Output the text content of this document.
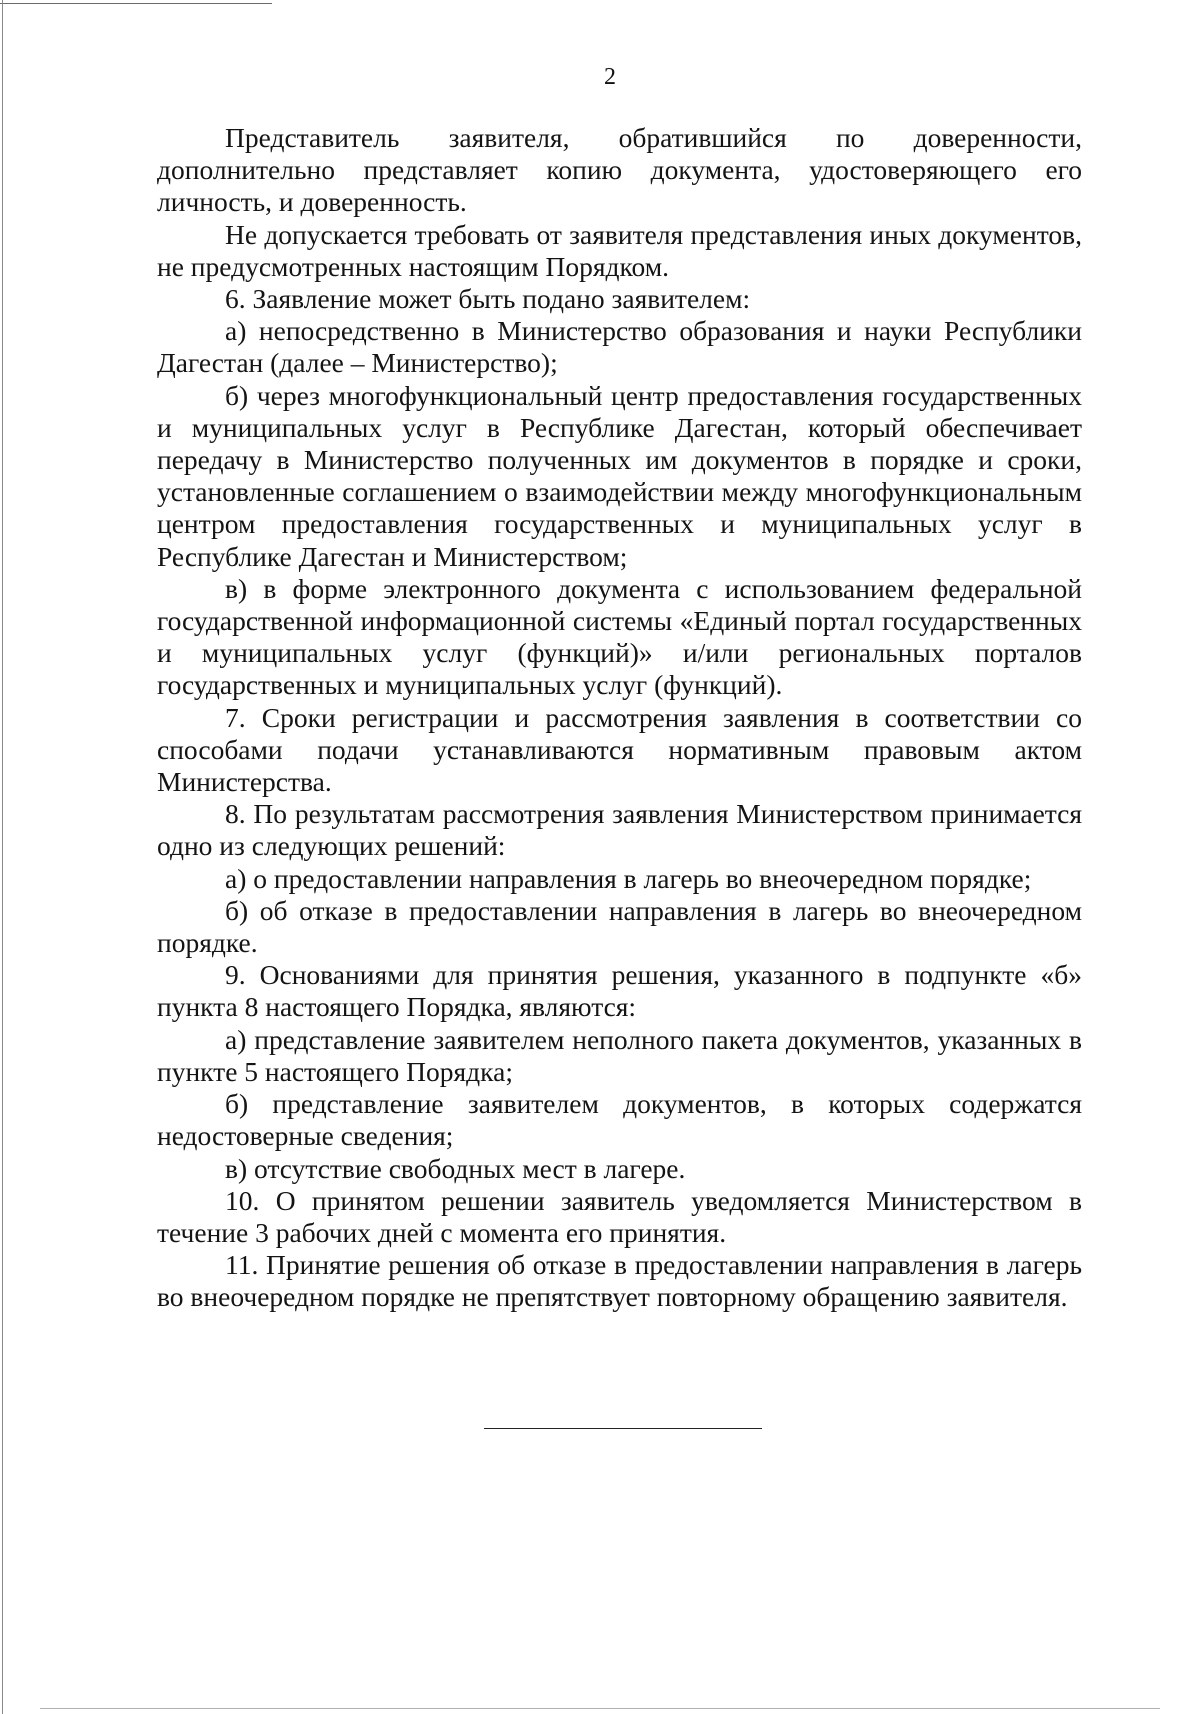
2

Представитель заявителя, обратившийся по доверенности, дополнительно представляет копию документа, удостоверяющего его личность, и доверенность.

Не допускается требовать от заявителя представления иных документов, не предусмотренных настоящим Порядком.

6. Заявление может быть подано заявителем:

а) непосредственно в Министерство образования и науки Республики Дагестан (далее – Министерство);

б) через многофункциональный центр предоставления государственных и муниципальных услуг в Республике Дагестан, который обеспечивает передачу в Министерство полученных им документов в порядке и сроки, установленные соглашением о взаимодействии между многофункциональным центром предоставления государственных и муниципальных услуг в Республике Дагестан и Министерством;

в) в форме электронного документа с использованием федеральной государственной информационной системы «Единый портал государственных и муниципальных услуг (функций)» и/или региональных порталов государственных и муниципальных услуг (функций).

7. Сроки регистрации и рассмотрения заявления в соответствии со способами подачи устанавливаются нормативным правовым актом Министерства.

8. По результатам рассмотрения заявления Министерством принимается одно из следующих решений:

а) о предоставлении направления в лагерь во внеочередном порядке;

б) об отказе в предоставлении направления в лагерь во внеочередном порядке.

9. Основаниями для принятия решения, указанного в подпункте «б» пункта 8 настоящего Порядка, являются:

а) представление заявителем неполного пакета документов, указанных в пункте 5 настоящего Порядка;

б) представление заявителем документов, в которых содержатся недостоверные сведения;

в) отсутствие свободных мест в лагере.

10. О принятом решении заявитель уведомляется Министерством в течение 3 рабочих дней с момента его принятия.

11. Принятие решения об отказе в предоставлении направления в лагерь во внеочередном порядке не препятствует повторному обращению заявителя.
